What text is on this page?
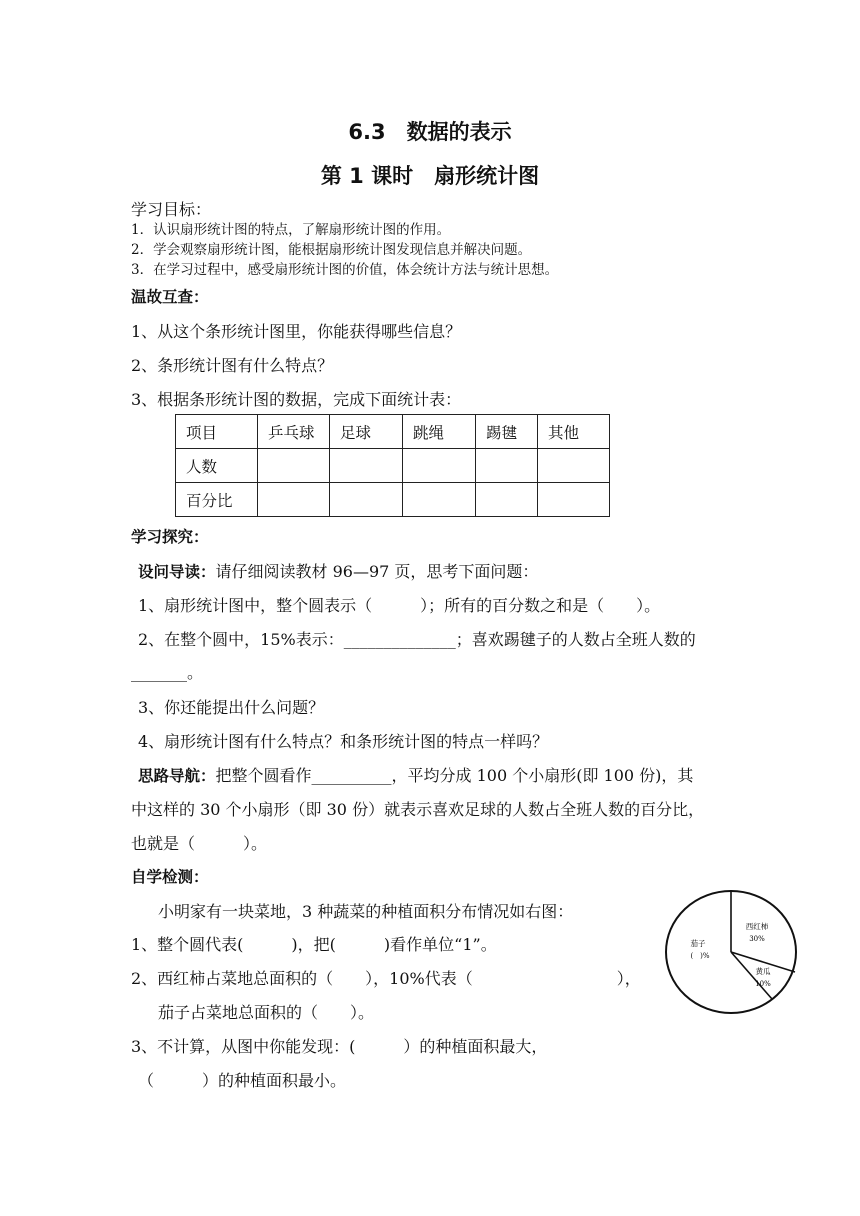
6.3　数据的表示
第 1 课时　扇形统计图
学习目标：
1．认识扇形统计图的特点，了解扇形统计图的作用。
2．学会观察扇形统计图，能根据扇形统计图发现信息并解决问题。
3．在学习过程中，感受扇形统计图的价值，体会统计方法与统计思想。
温故互查：
1、从这个条形统计图里，你能获得哪些信息？
2、条形统计图有什么特点？
3、根据条形统计图的数据，完成下面统计表：
项目	乒乓球	足球	跳绳	踢毽	其他
人数					
百分比					
学习探究：
设问导读：请仔细阅读教材 96—97 页，思考下面问题：
1、扇形统计图中，整个圆表示（　　　）；所有的百分数之和是（　　）。
2、在整个圆中，15%表示：______________；喜欢踢毽子的人数占全班人数的
_______。
3、你还能提出什么问题？
4、扇形统计图有什么特点？和条形统计图的特点一样吗？
思路导航：把整个圆看作__________，平均分成 100 个小扇形(即 100 份)，其
中这样的 30 个小扇形（即 30 份）就表示喜欢足球的人数占全班人数的百分比，
也就是（　　　）。
自学检测：
小明家有一块菜地，3 种蔬菜的种植面积分布情况如右图：
1、整个圆代表(　　　)，把(　　　)看作单位“1”。
2、西红柿占菜地总面积的（　　），10%代表（　　　　　　　　　），
茄子占菜地总面积的（　　）。
3、不计算，从图中你能发现：(　　　）的种植面积最大，
（　　　）的种植面积最小。
西红柿
30%
黄瓜
10%
茄子
(　)%
